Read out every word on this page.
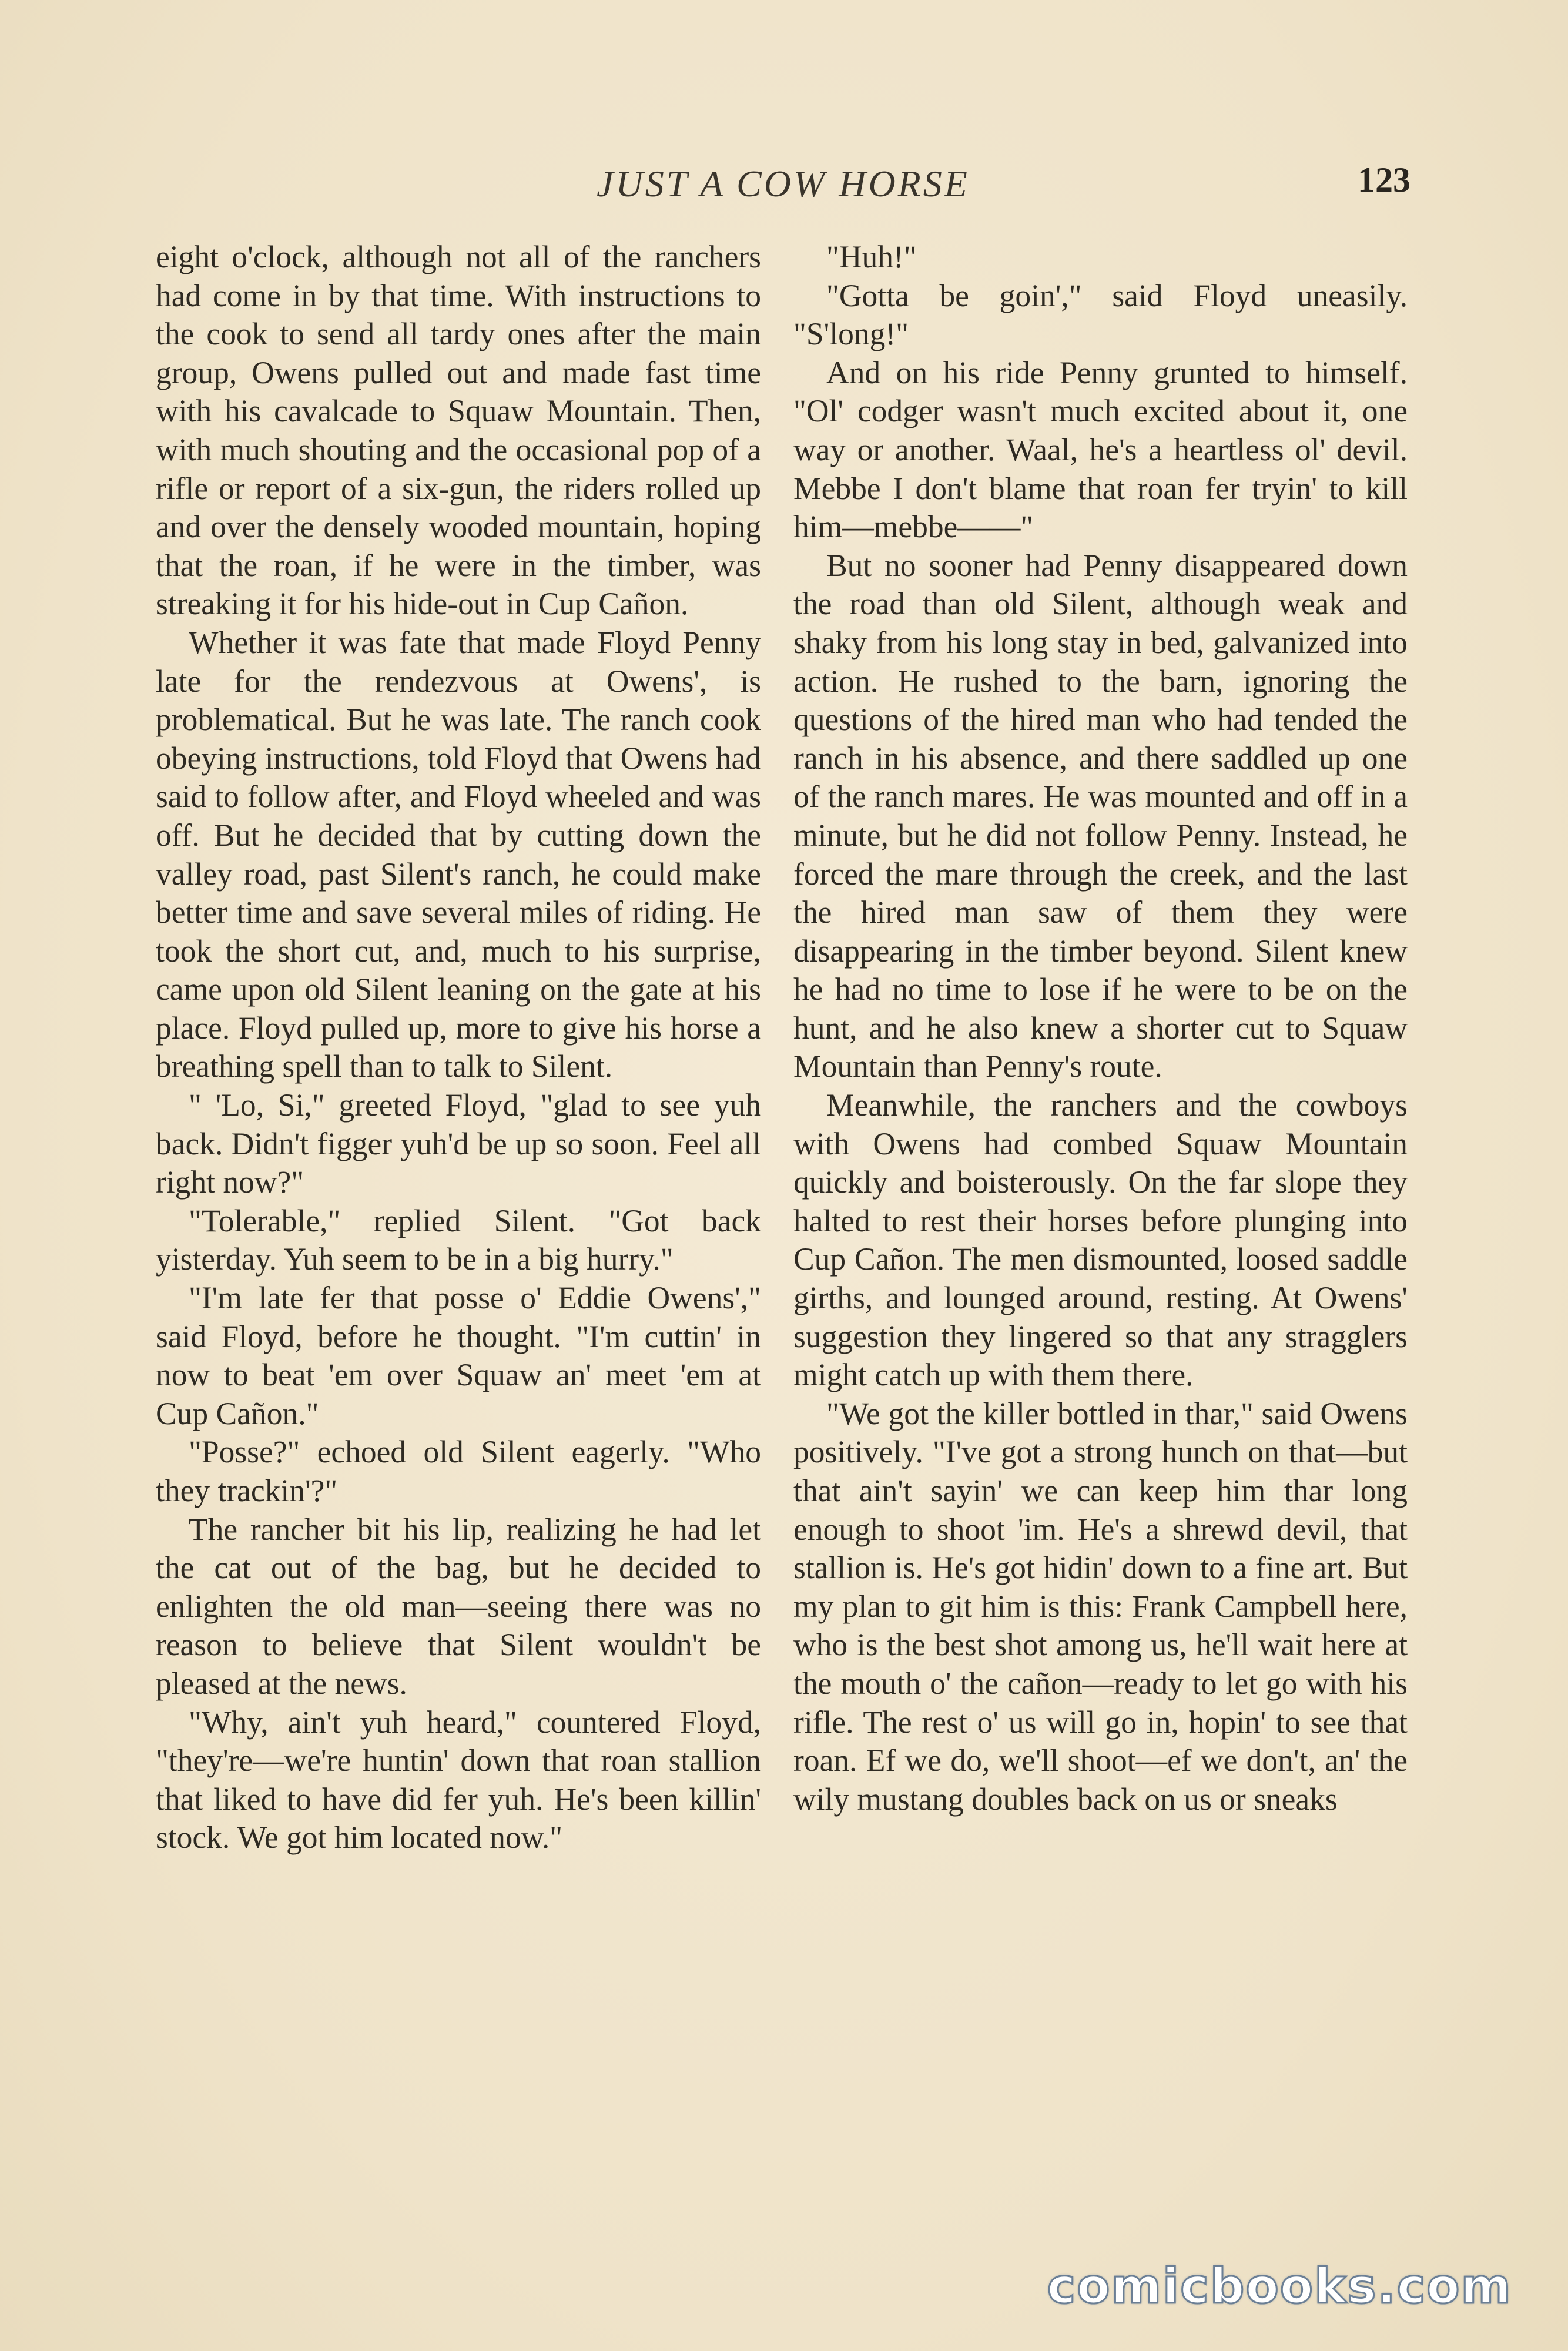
JUST A COW HORSE	123

eight o'clock, although not all of the ranchers had come in by that time. With instructions to the cook to send all tardy ones after the main group, Owens pulled out and made fast time with his cavalcade to Squaw Mountain. Then, with much shouting and the occasional pop of a rifle or report of a six-gun, the riders rolled up and over the densely wooded mountain, hoping that the roan, if he were in the timber, was streaking it for his hide-out in Cup Cañon.

Whether it was fate that made Floyd Penny late for the rendezvous at Owens', is problematical. But he was late. The ranch cook obeying instructions, told Floyd that Owens had said to follow after, and Floyd wheeled and was off. But he decided that by cutting down the valley road, past Silent's ranch, he could make better time and save several miles of riding. He took the short cut, and, much to his surprise, came upon old Silent leaning on the gate at his place. Floyd pulled up, more to give his horse a breathing spell than to talk to Silent.

" 'Lo, Si," greeted Floyd, "glad to see yuh back. Didn't figger yuh'd be up so soon. Feel all right now?"

"Tolerable," replied Silent. "Got back yisterday. Yuh seem to be in a big hurry."

"I'm late fer that posse o' Eddie Owens'," said Floyd, before he thought. "I'm cuttin' in now to beat 'em over Squaw an' meet 'em at Cup Cañon."

"Posse?" echoed old Silent eagerly. "Who they trackin'?"

The rancher bit his lip, realizing he had let the cat out of the bag, but he decided to enlighten the old man—seeing there was no reason to believe that Silent wouldn't be pleased at the news.

"Why, ain't yuh heard," countered Floyd, "they're—we're huntin' down that roan stallion that liked to have did fer yuh. He's been killin' stock. We got him located now."

"Huh!"

"Gotta be goin'," said Floyd uneasily. "S'long!"

And on his ride Penny grunted to himself. "Ol' codger wasn't much excited about it, one way or another. Waal, he's a heartless ol' devil. Mebbe I don't blame that roan fer tryin' to kill him—mebbe——"

But no sooner had Penny disappeared down the road than old Silent, although weak and shaky from his long stay in bed, galvanized into action. He rushed to the barn, ignoring the questions of the hired man who had tended the ranch in his absence, and there saddled up one of the ranch mares. He was mounted and off in a minute, but he did not follow Penny. Instead, he forced the mare through the creek, and the last the hired man saw of them they were disappearing in the timber beyond. Silent knew he had no time to lose if he were to be on the hunt, and he also knew a shorter cut to Squaw Mountain than Penny's route.

Meanwhile, the ranchers and the cowboys with Owens had combed Squaw Mountain quickly and boisterously. On the far slope they halted to rest their horses before plunging into Cup Cañon. The men dismounted, loosed saddle girths, and lounged around, resting. At Owens' suggestion they lingered so that any stragglers might catch up with them there.

"We got the killer bottled in thar," said Owens positively. "I've got a strong hunch on that—but that ain't sayin' we can keep him thar long enough to shoot 'im. He's a shrewd devil, that stallion is. He's got hidin' down to a fine art. But my plan to git him is this: Frank Campbell here, who is the best shot among us, he'll wait here at the mouth o' the cañon—ready to let go with his rifle. The rest o' us will go in, hopin' to see that roan. Ef we do, we'll shoot—ef we don't, an' the wily mustang doubles back on us or sneaks

comicbooks.com
